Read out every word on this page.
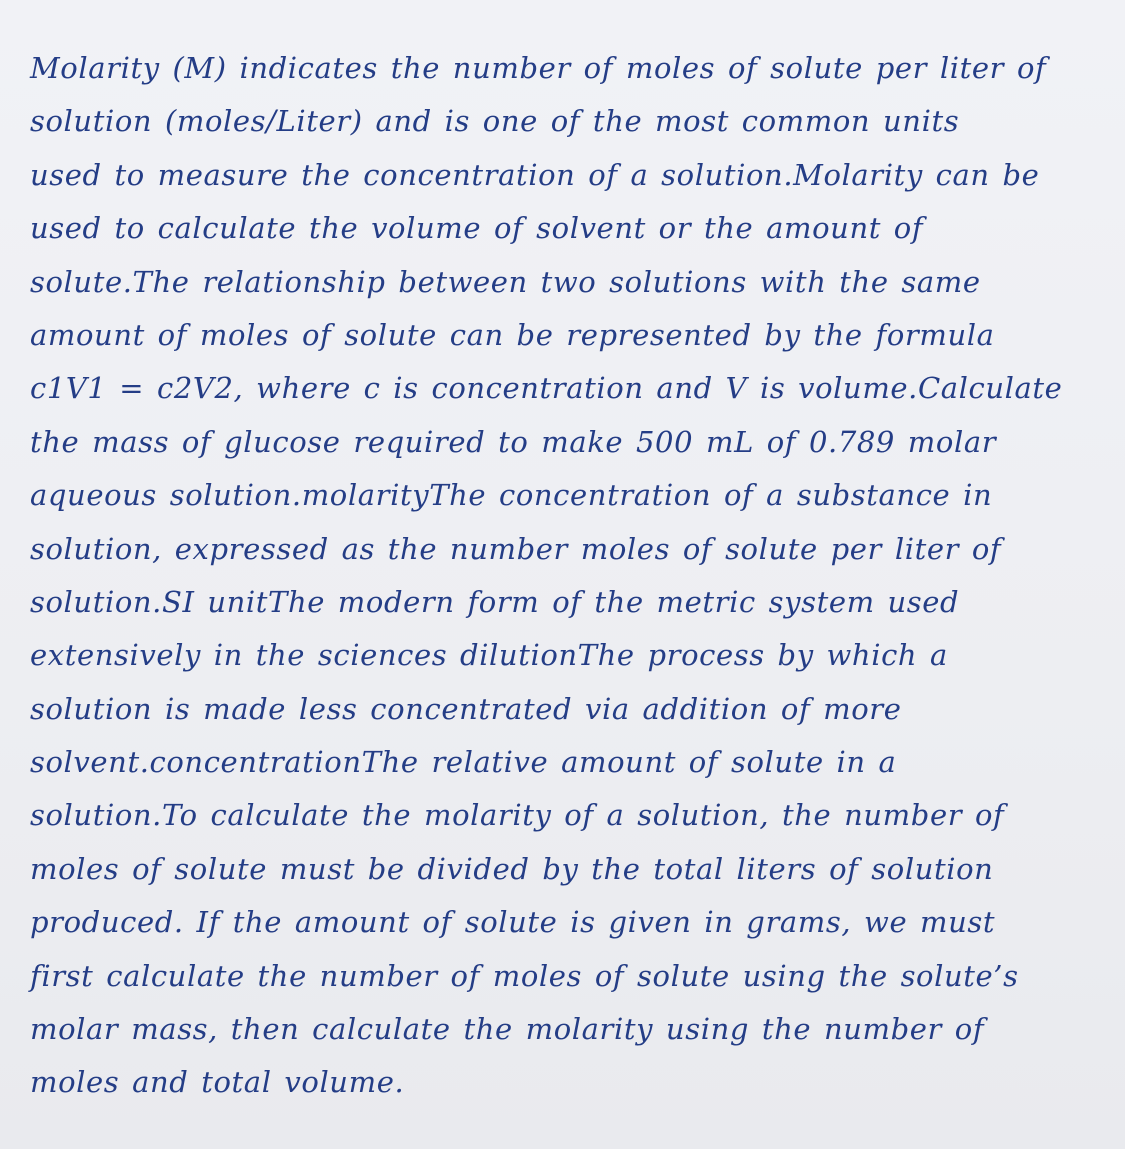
Molarity (M) indicates the number of moles of solute per liter of
solution (moles/Liter) and is one of the most common units
used to measure the concentration of a solution.Molarity can be
used to calculate the volume of solvent or the amount of
solute.The relationship between two solutions with the same
amount of moles of solute can be represented by the formula
c1V1 = c2V2, where c is concentration and V is volume.Calculate
the mass of glucose required to make 500 mL of 0.789 molar
aqueous solution.molarityThe concentration of a substance in
solution, expressed as the number moles of solute per liter of
solution.SI unitThe modern form of the metric system used
extensively in the sciences dilutionThe process by which a
solution is made less concentrated via addition of more
solvent.concentrationThe relative amount of solute in a
solution.To calculate the molarity of a solution, the number of
moles of solute must be divided by the total liters of solution
produced. If the amount of solute is given in grams, we must
first calculate the number of moles of solute using the solute’s
molar mass, then calculate the molarity using the number of
moles and total volume.
